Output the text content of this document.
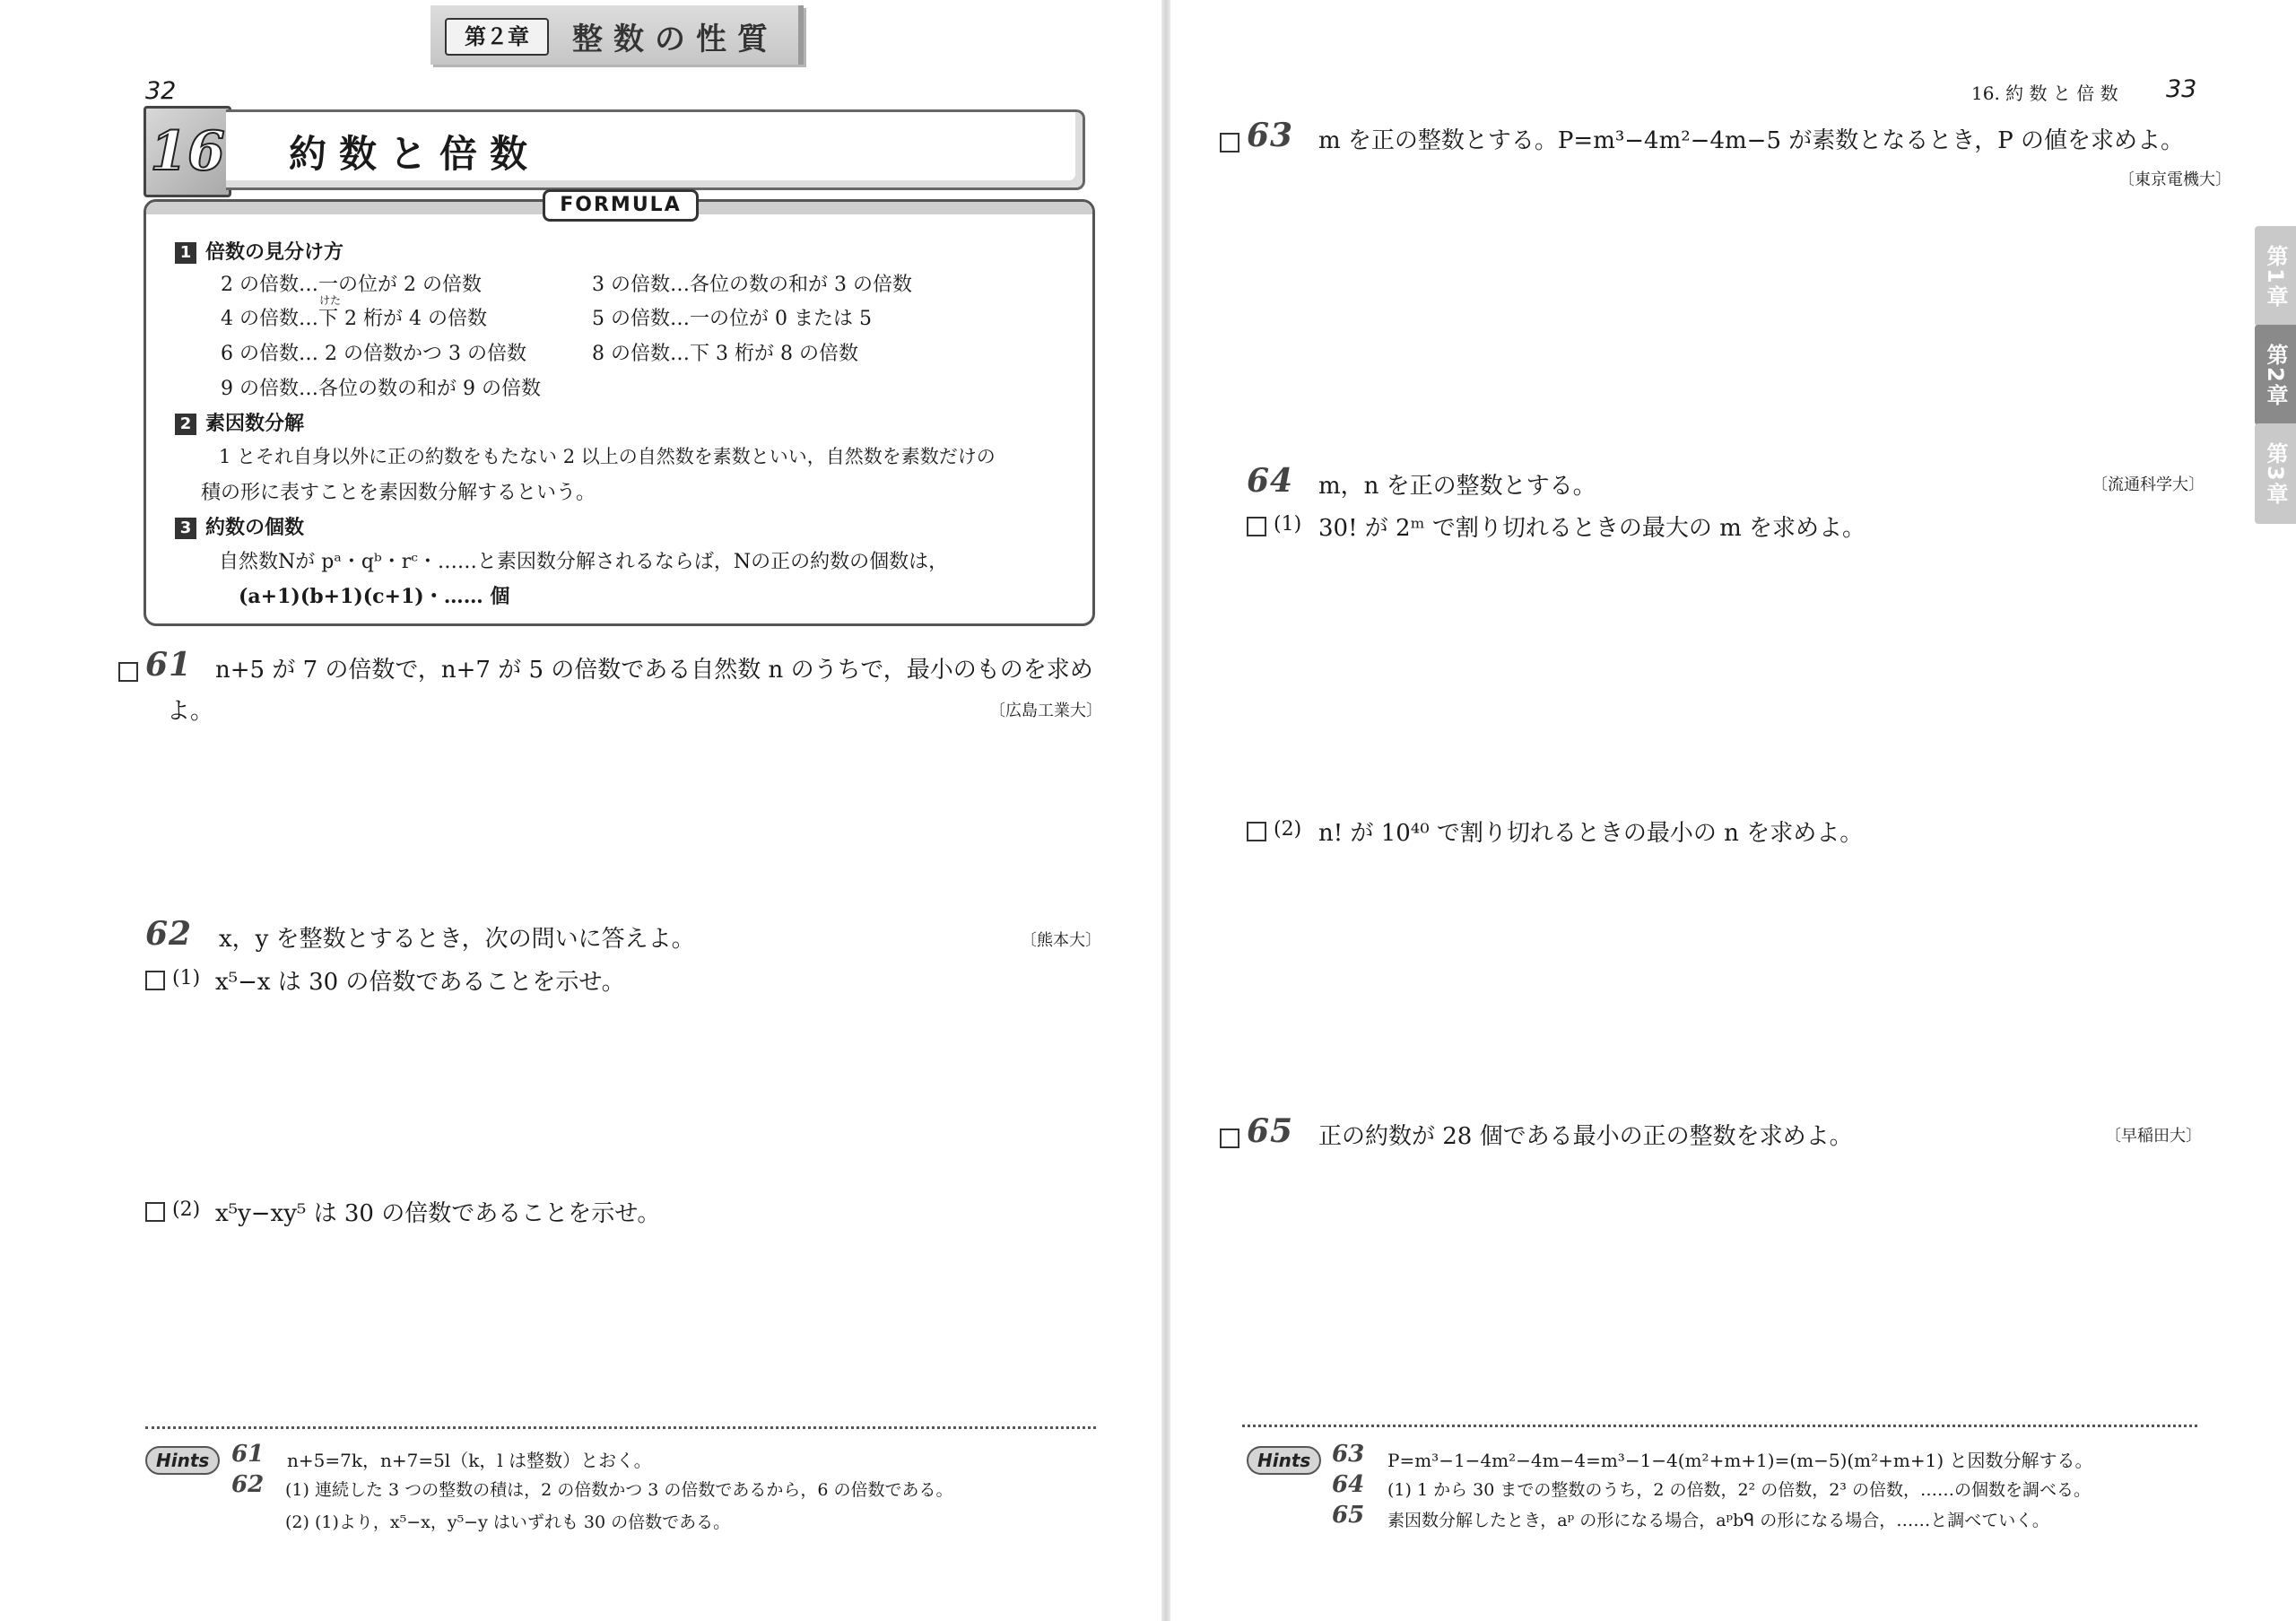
第２章	整数の性質
32
16 約数と倍数
FORMULA
1 倍数の見分け方
2 の倍数…一の位が 2 の倍数	3 の倍数…各位の数の和が 3 の倍数
けた
4 の倍数…下 2 桁が 4 の倍数	5 の倍数…一の位が 0 または 5
6 の倍数… 2 の倍数かつ 3 の倍数	8 の倍数…下 3 桁が 8 の倍数
9 の倍数…各位の数の和が 9 の倍数
2 素因数分解
1 とそれ自身以外に正の約数をもたない 2 以上の自然数を素数といい，自然数を素数だけの
積の形に表すことを素因数分解するという。
3 約数の個数
自然数Nが pᵃ・qᵇ・rᶜ・……と素因数分解されるならば，Nの正の約数の個数は，
(a+1)(b+1)(c+1)・…… 個
61 n+5 が 7 の倍数で，n+7 が 5 の倍数である自然数 n のうちで，最小のものを求め
よ。	〔広島工業大〕
62 x，y を整数とするとき，次の問いに答えよ。	〔熊本大〕
(1) x⁵−x は 30 の倍数であることを示せ。
(2) x⁵y−xy⁵ は 30 の倍数であることを示せ。
Hints 61 n+5=7k，n+7=5l（k，l は整数）とおく。
62 (1) 連続した 3 つの整数の積は，2 の倍数かつ 3 の倍数であるから，6 の倍数である。
(2) (1)より，x⁵−x，y⁵−y はいずれも 30 の倍数である。
16. 約 数 と 倍 数 33
63 m を正の整数とする。P=m³−4m²−4m−5 が素数となるとき，P の値を求めよ。
〔東京電機大〕
64 m，n を正の整数とする。	〔流通科学大〕
(1) 30! が 2ᵐ で割り切れるときの最大の m を求めよ。
(2) n! が 10⁴⁰ で割り切れるときの最小の n を求めよ。
65 正の約数が 28 個である最小の正の整数を求めよ。	〔早稲田大〕
第1章
第2章
第3章
Hints 63 P=m³−1−4m²−4m−4=m³−1−4(m²+m+1)=(m−5)(m²+m+1) と因数分解する。
64 (1) 1 から 30 までの整数のうち，2 の倍数，2² の倍数，2³ の倍数，……の個数を調べる。
65 素因数分解したとき，aᵖ の形になる場合，aᵖbᑫ の形になる場合，……と調べていく。
